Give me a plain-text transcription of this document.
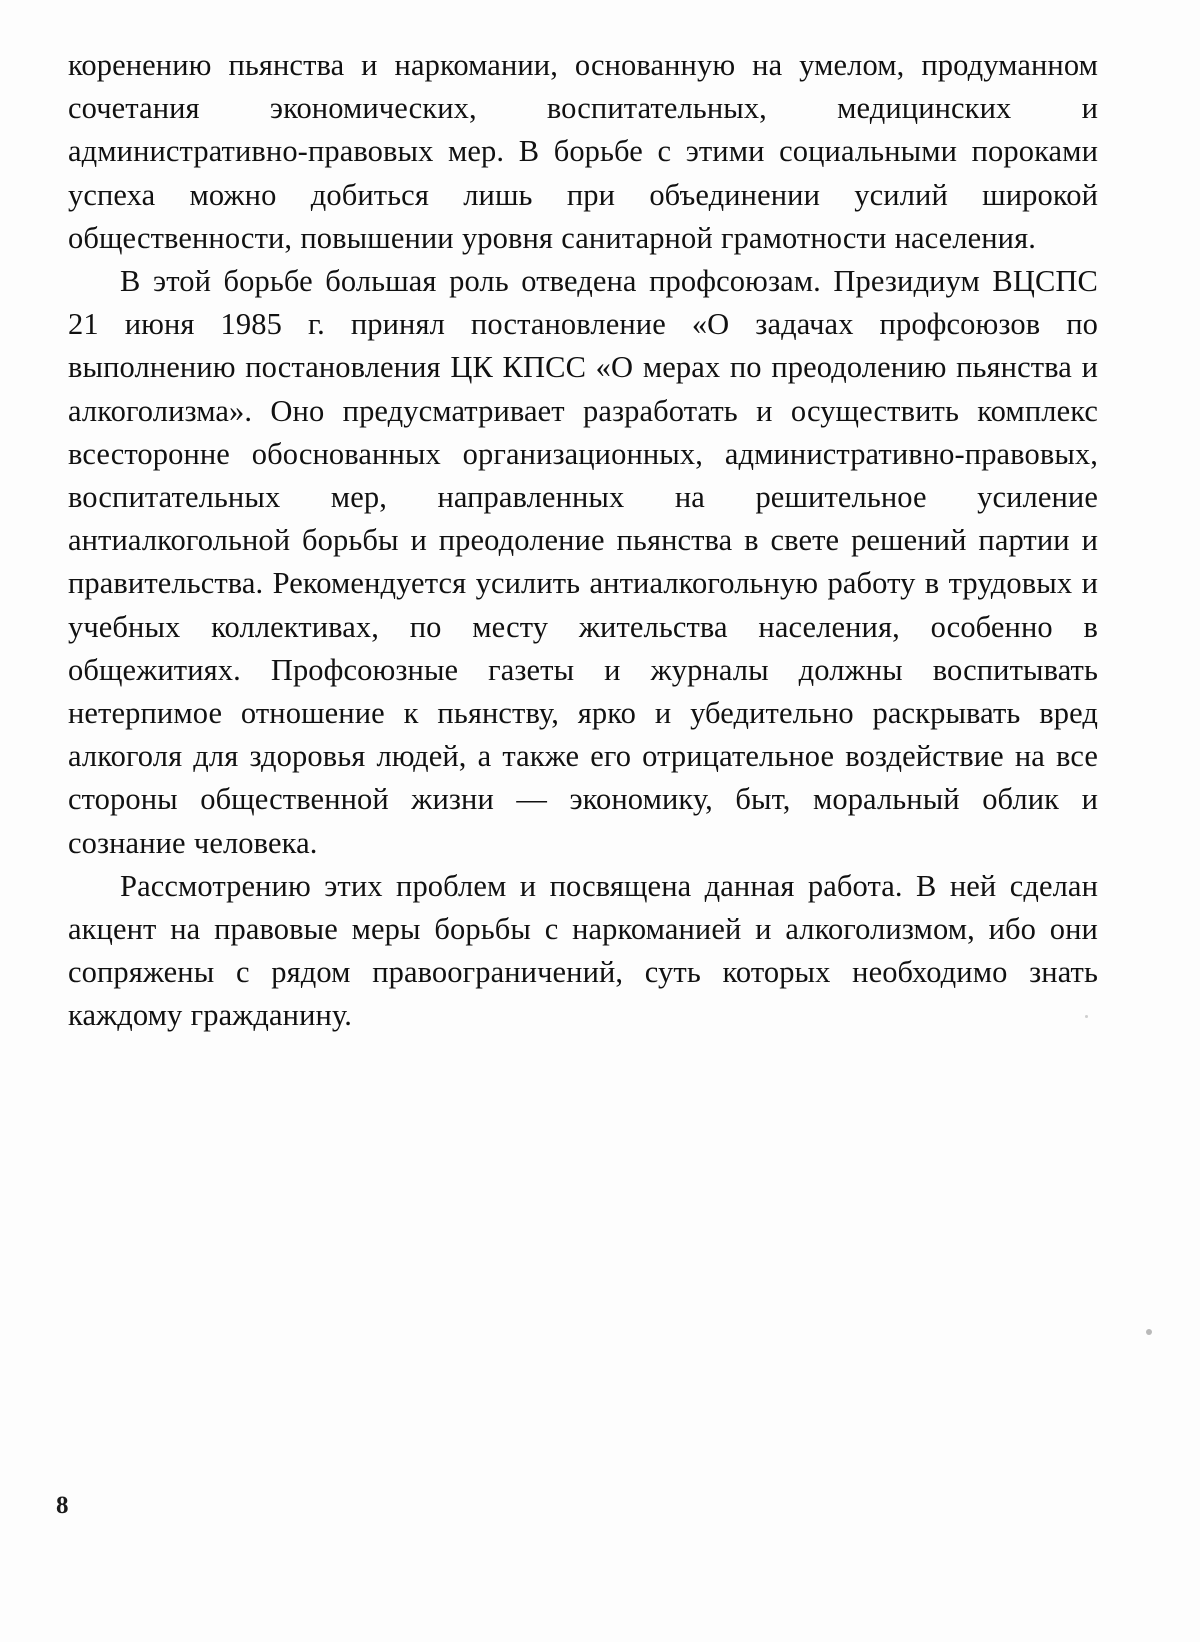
коренению пьянства и наркомании, основанную на умелом, продуманном сочетания экономических, воспитательных, медицинских и административно-правовых мер. В борьбе с этими социальными пороками успеха можно добиться лишь при объединении усилий широкой общественности, повышении уровня санитарной грамотности населения.

В этой борьбе большая роль отведена профсоюзам. Президиум ВЦСПС 21 июня 1985 г. принял постановление «О задачах профсоюзов по выполнению постановления ЦК КПСС «О мерах по преодолению пьянства и алкоголизма». Оно предусматривает разработать и осуществить комплекс всесторонне обоснованных организационных, административно-правовых, воспитательных мер, направленных на решительное усиление антиалкогольной борьбы и преодоление пьянства в свете решений партии и правительства. Рекомендуется усилить антиалкогольную работу в трудовых и учебных коллективах, по месту жительства населения, особенно в общежитиях. Профсоюзные газеты и журналы должны воспитывать нетерпимое отношение к пьянству, ярко и убедительно раскрывать вред алкоголя для здоровья людей, а также его отрицательное воздействие на все стороны общественной жизни — экономику, быт, моральный облик и сознание человека.

Рассмотрению этих проблем и посвящена данная работа. В ней сделан акцент на правовые меры борьбы с наркоманией и алкоголизмом, ибо они сопряжены с рядом правоограничений, суть которых необходимо знать каждому гражданину.

8
